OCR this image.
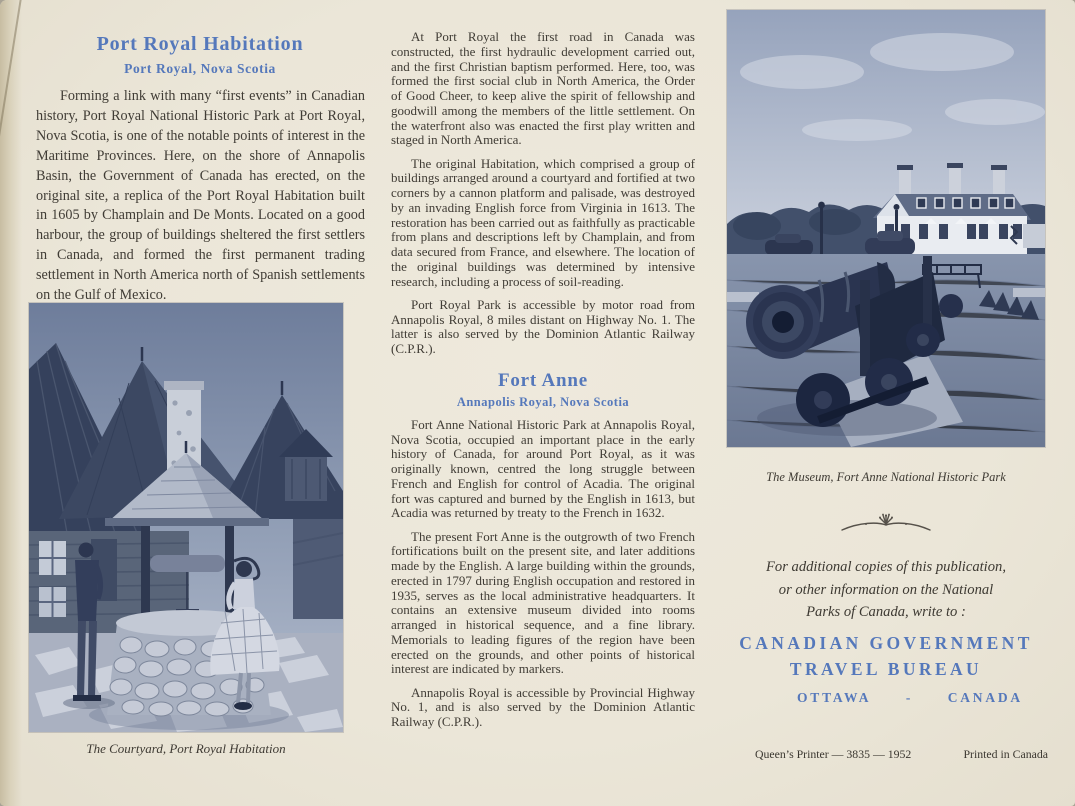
Port Royal Habitation
Port Royal, Nova Scotia
Forming a link with many “first events” in Canadian history, Port Royal National Historic Park at Port Royal, Nova Scotia, is one of the notable points of interest in the Maritime Provinces. Here, on the shore of Annapolis Basin, the Government of Canada has erected, on the original site, a replica of the Port Royal Habitation built in 1605 by Champlain and De Monts. Located on a good harbour, the group of buildings sheltered the first settlers in Canada, and formed the first permanent trading settlement in North America north of Spanish settlements on the Gulf of Mexico.
The Courtyard, Port Royal Habitation

At Port Royal the first road in Canada was constructed, the first hydraulic development carried out, and the first Christian baptism performed. Here, too, was formed the first social club in North America, the Order of Good Cheer, to keep alive the spirit of fellowship and goodwill among the members of the little settlement. On the waterfront also was enacted the first play written and staged in North America.

The original Habitation, which comprised a group of buildings arranged around a courtyard and fortified at two corners by a cannon platform and palisade, was destroyed by an invading English force from Virginia in 1613. The restoration has been carried out as faithfully as practicable from plans and descriptions left by Champlain, and from data secured from France, and elsewhere. The location of the original buildings was determined by intensive research, including a process of soil-reading.

Port Royal Park is accessible by motor road from Annapolis Royal, 8 miles distant on Highway No. 1. The latter is also served by the Dominion Atlantic Railway (C.P.R.).

Fort Anne
Annapolis Royal, Nova Scotia

Fort Anne National Historic Park at Annapolis Royal, Nova Scotia, occupied an important place in the early history of Canada, for around Port Royal, as it was originally known, centred the long struggle between French and English for control of Acadia. The original fort was captured and burned by the English in 1613, but Acadia was returned by treaty to the French in 1632.

The present Fort Anne is the outgrowth of two French fortifications built on the present site, and later additions made by the English. A large building within the grounds, erected in 1797 during English occupation and restored in 1935, serves as the local administrative headquarters. It contains an extensive museum divided into rooms arranged in historical sequence, and a fine library. Memorials to leading figures of the region have been erected on the grounds, and other points of historical interest are indicated by markers.

Annapolis Royal is accessible by Provincial Highway No. 1, and is also served by the Dominion Atlantic Railway (C.P.R.).

The Museum, Fort Anne National Historic Park
For additional copies of this publication,
or other information on the National
Parks of Canada, write to :
CANADIAN GOVERNMENT
TRAVEL BUREAU
OTTAWA	-	CANADA
Queen’s Printer — 3835 — 1952	Printed in Canada
